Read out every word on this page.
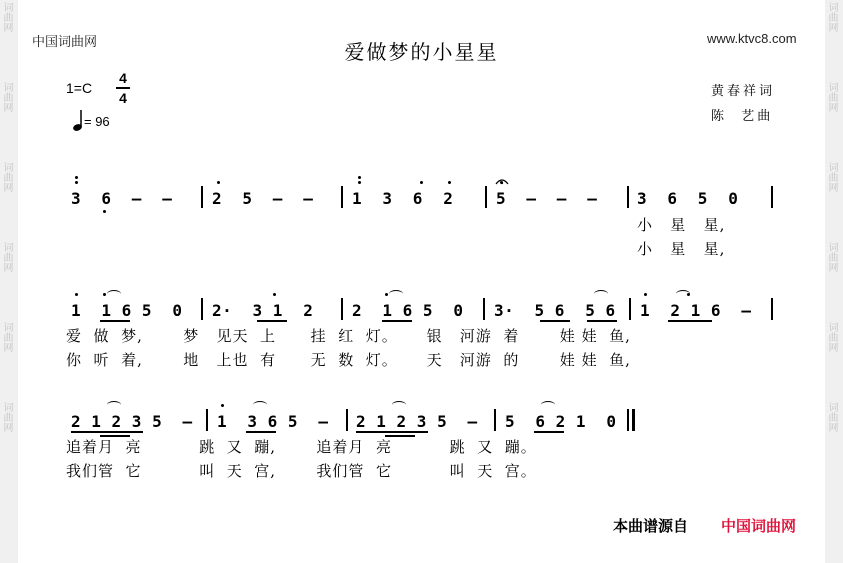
词曲网
词曲网
词曲网
词曲网
词曲网
词曲网
词曲网
词曲网
词曲网
词曲网
词曲网
词曲网
中国词曲网	www.ktvc8.com
爱做梦的小星星
1=C
4
4
= 96
黄春祥词
陈  艺曲
3  6  –  – 2  5  –  – 1  3  6  2	5  –  –  – 3  6  5  0
小   星   星,
小   星   星,
1  1 6 5  0 2·  3 1  2 2  1 6 5  0 3·  5 6  5 6 1  2 1 6  –
爱  做  梦,       梦   见天  上      挂  红  灯。     银   河游  着       娃 娃  鱼,
你  听  着,       地   上也  有      无  数  灯。     天   河游  的       娃 娃  鱼,
2 1 2 3 5  – 1  3 6 5  – 2 1 2 3 5  – 5  6 2 1  0
追着月  亮          跳  又  蹦,       追着月  亮          跳  又  蹦。
我们管  它          叫  天  宫,       我们管  它          叫  天  宫。
本曲谱源自 中国词曲网
